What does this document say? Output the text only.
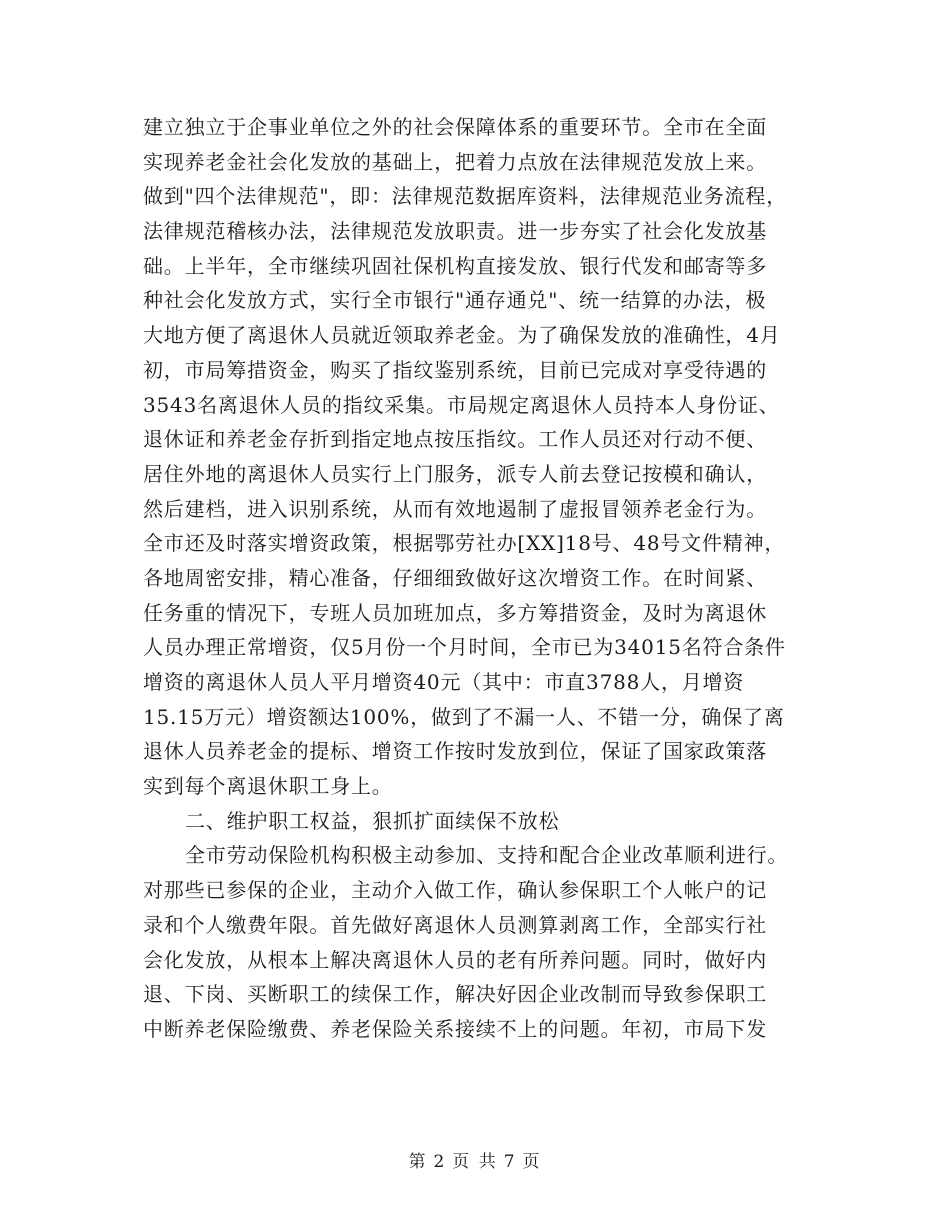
建立独立于企事业单位之外的社会保障体系的重要环节。全市在全面
实现养老金社会化发放的基础上，把着力点放在法律规范发放上来。
做到"四个法律规范"，即：法律规范数据库资料，法律规范业务流程，
法律规范稽核办法，法律规范发放职责。进一步夯实了社会化发放基
础。上半年，全市继续巩固社保机构直接发放、银行代发和邮寄等多
种社会化发放方式，实行全市银行"通存通兑"、统一结算的办法，极
大地方便了离退休人员就近领取养老金。为了确保发放的准确性，4月
初，市局筹措资金，购买了指纹鉴别系统，目前已完成对享受待遇的
3543名离退休人员的指纹采集。市局规定离退休人员持本人身份证、
退休证和养老金存折到指定地点按压指纹。工作人员还对行动不便、
居住外地的离退休人员实行上门服务，派专人前去登记按模和确认，
然后建档，进入识别系统，从而有效地遏制了虚报冒领养老金行为。
全市还及时落实增资政策，根据鄂劳社办[XX]18号、48号文件精神，
各地周密安排，精心准备，仔细细致做好这次增资工作。在时间紧、
任务重的情况下，专班人员加班加点，多方筹措资金，及时为离退休
人员办理正常增资，仅5月份一个月时间，全市已为34015名符合条件
增资的离退休人员人平月增资40元（其中：市直3788人，月增资
15.15万元）增资额达100%，做到了不漏一人、不错一分，确保了离
退休人员养老金的提标、增资工作按时发放到位，保证了国家政策落
实到每个离退休职工身上。
二、维护职工权益，狠抓扩面续保不放松
全市劳动保险机构积极主动参加、支持和配合企业改革顺利进行。
对那些已参保的企业，主动介入做工作，确认参保职工个人帐户的记
录和个人缴费年限。首先做好离退休人员测算剥离工作，全部实行社
会化发放，从根本上解决离退休人员的老有所养问题。同时，做好内
退、下岗、买断职工的续保工作，解决好因企业改制而导致参保职工
中断养老保险缴费、养老保险关系接续不上的问题。年初，市局下发
第 2 页 共 7 页
